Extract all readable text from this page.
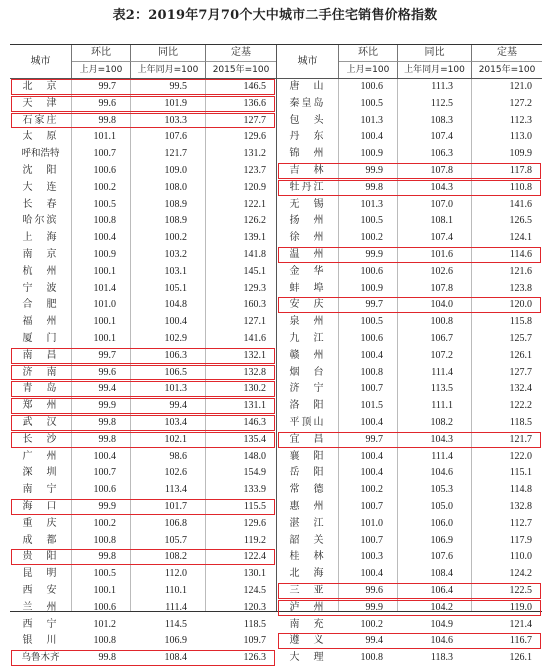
表2：2019年7月70个大中城市二手住宅销售价格指数
城市
环比	同比	定基
上月=100	上年同月=100	2015年=100
北　京	99.7	99.5	146.5
天　津	99.6	101.9	136.6
石家庄	99.8	103.3	127.7
太　原	101.1	107.6	129.6
呼和浩特	100.7	121.7	131.2
沈　阳	100.6	109.0	123.7
大　连	100.2	108.0	120.9
长　春	100.5	108.9	122.1
哈尔滨	100.8	108.9	126.2
上　海	100.4	100.2	139.1
南　京	100.9	103.2	141.8
杭　州	100.1	103.1	145.1
宁　波	101.4	105.1	129.3
合　肥	101.0	104.8	160.3
福　州	100.1	100.4	127.1
厦　门	100.1	102.9	141.6
南　昌	99.7	106.3	132.1
济　南	99.6	106.5	132.8
青　岛	99.4	101.3	130.2
郑　州	99.9	99.4	131.1
武　汉	99.8	103.4	146.3
长　沙	99.8	102.1	135.4
广　州	100.4	98.6	148.0
深　圳	100.7	102.6	154.9
南　宁	100.6	113.4	133.9
海　口	99.9	101.7	115.5
重　庆	100.2	106.8	129.6
成　都	100.8	105.7	119.2
贵　阳	99.8	108.2	122.4
昆　明	100.5	112.0	130.1
西　安	100.1	110.1	124.5
兰　州	100.6	111.4	120.3
西　宁	101.2	114.5	118.5
银　川	100.8	106.9	109.7
乌鲁木齐	99.8	108.4	126.3
城市
环比	同比	定基
上月=100	上年同月=100	2015年=100
唐　山	100.6	111.3	121.0
秦皇岛	100.5	112.5	127.2
包　头	101.3	108.3	112.3
丹　东	100.4	107.4	113.0
锦　州	100.9	106.3	109.9
吉　林	99.9	107.8	117.8
牡丹江	99.8	104.3	110.8
无　锡	101.3	107.0	141.6
扬　州	100.5	108.1	126.5
徐　州	100.2	107.4	124.1
温　州	99.9	101.6	114.6
金　华	100.6	102.6	121.6
蚌　埠	100.9	107.8	123.8
安　庆	99.7	104.0	120.0
泉　州	100.5	100.8	115.8
九　江	100.6	106.7	125.7
赣　州	100.4	107.2	126.1
烟　台	100.8	111.4	127.7
济　宁	100.7	113.5	132.4
洛　阳	101.5	111.1	122.2
平顶山	100.4	108.2	118.5
宜　昌	99.7	104.3	121.7
襄　阳	100.4	111.4	122.0
岳　阳	100.4	104.6	115.1
常　德	100.2	105.3	114.8
惠　州	100.7	105.0	132.8
湛　江	101.0	106.0	112.7
韶　关	100.7	106.9	117.9
桂　林	100.3	107.6	110.0
北　海	100.4	108.4	124.2
三　亚	99.6	106.4	122.5
泸　州	99.9	104.2	119.0
南　充	100.2	104.9	121.4
遵　义	99.4	104.6	116.7
大　理	100.8	118.3	126.1
